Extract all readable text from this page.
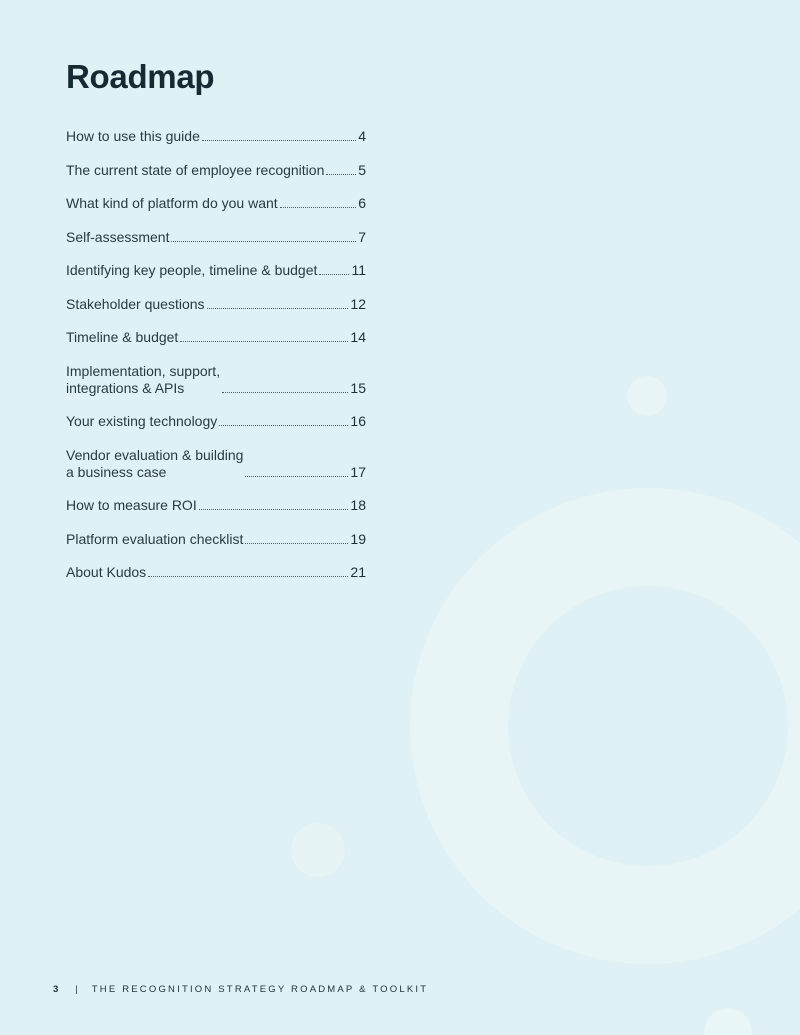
Roadmap
How to use this guide	4
The current state of employee recognition 5
What kind of platform do you want	6
Self-assessment	7
Identifying key people, timeline & budget 11
Stakeholder questions	12
Timeline & budget	14
Implementation, support,
integrations & APIs	15
Your existing technology	16
Vendor evaluation & building
a business case	17
How to measure ROI	18
Platform evaluation checklist	19
About Kudos	21
3 | THE RECOGNITION STRATEGY ROADMAP & TOOLKIT
